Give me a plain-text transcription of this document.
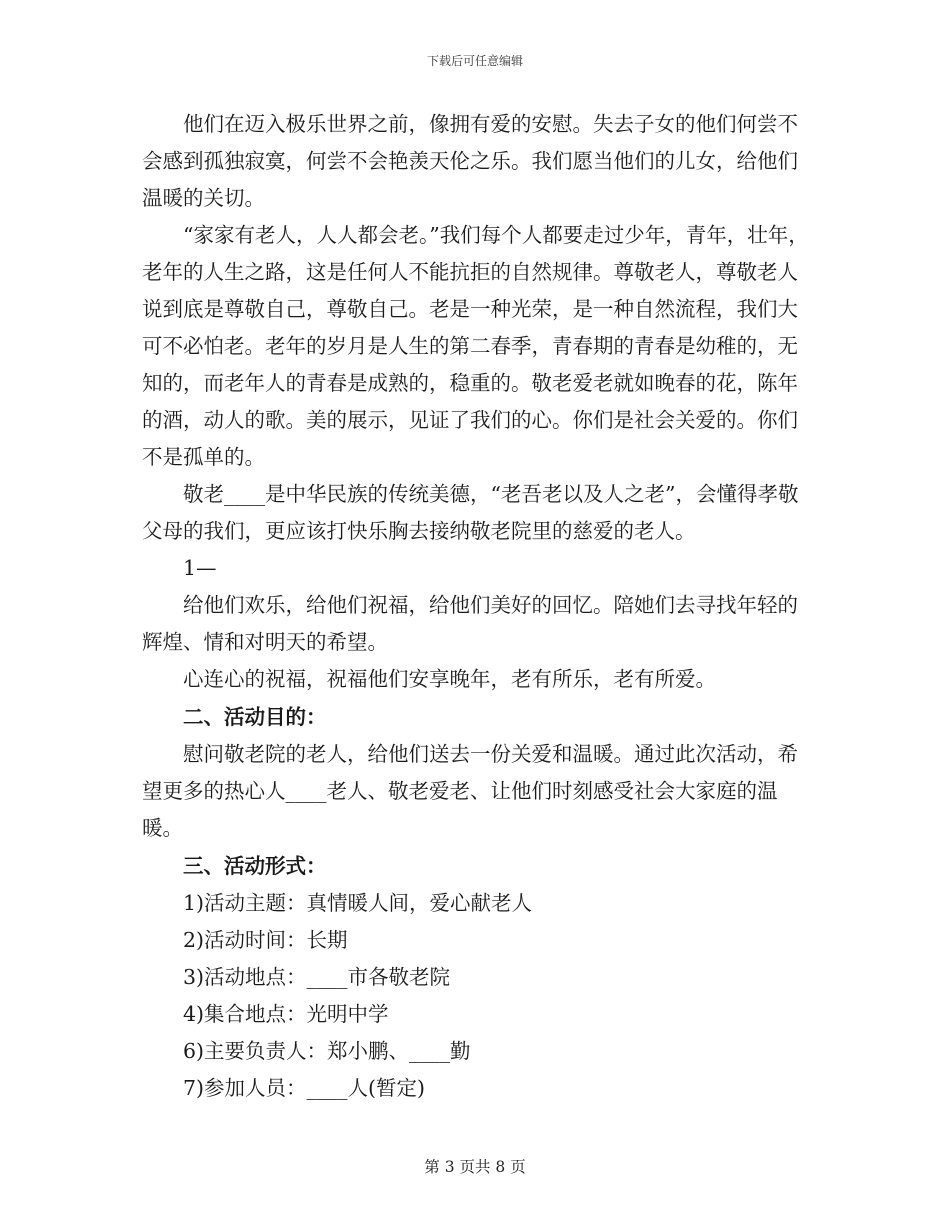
下载后可任意编辑

他们在迈入极乐世界之前，像拥有爱的安慰。失去子女的他们何尝不会感到孤独寂寞，何尝不会艳羡天伦之乐。我们愿当他们的儿女，给他们温暖的关切。

“家家有老人，人人都会老。”我们每个人都要走过少年，青年，壮年，老年的人生之路，这是任何人不能抗拒的自然规律。尊敬老人，尊敬老人说到底是尊敬自己，尊敬自己。老是一种光荣，是一种自然流程，我们大可不必怕老。老年的岁月是人生的第二春季，青春期的青春是幼稚的，无知的，而老年人的青春是成熟的，稳重的。敬老爱老就如晚春的花，陈年的酒，动人的歌。美的展示，见证了我们的心。你们是社会关爱的。你们不是孤单的。

敬老____是中华民族的传统美德，“老吾老以及人之老”，会懂得孝敬父母的我们，更应该打快乐胸去接纳敬老院里的慈爱的老人。

1—

给他们欢乐，给他们祝福，给他们美好的回忆。陪她们去寻找年轻的辉煌、情和对明天的希望。

心连心的祝福，祝福他们安享晚年，老有所乐，老有所爱。

二、活动目的：

慰问敬老院的老人，给他们送去一份关爱和温暖。通过此次活动，希望更多的热心人____老人、敬老爱老、让他们时刻感受社会大家庭的温暖。

三、活动形式：

1)活动主题：真情暖人间，爱心献老人

2)活动时间：长期

3)活动地点：____市各敬老院

4)集合地点：光明中学

6)主要负责人：郑小鹏、____勤

7)参加人员：____人(暂定)

第 3 页共 8 页
